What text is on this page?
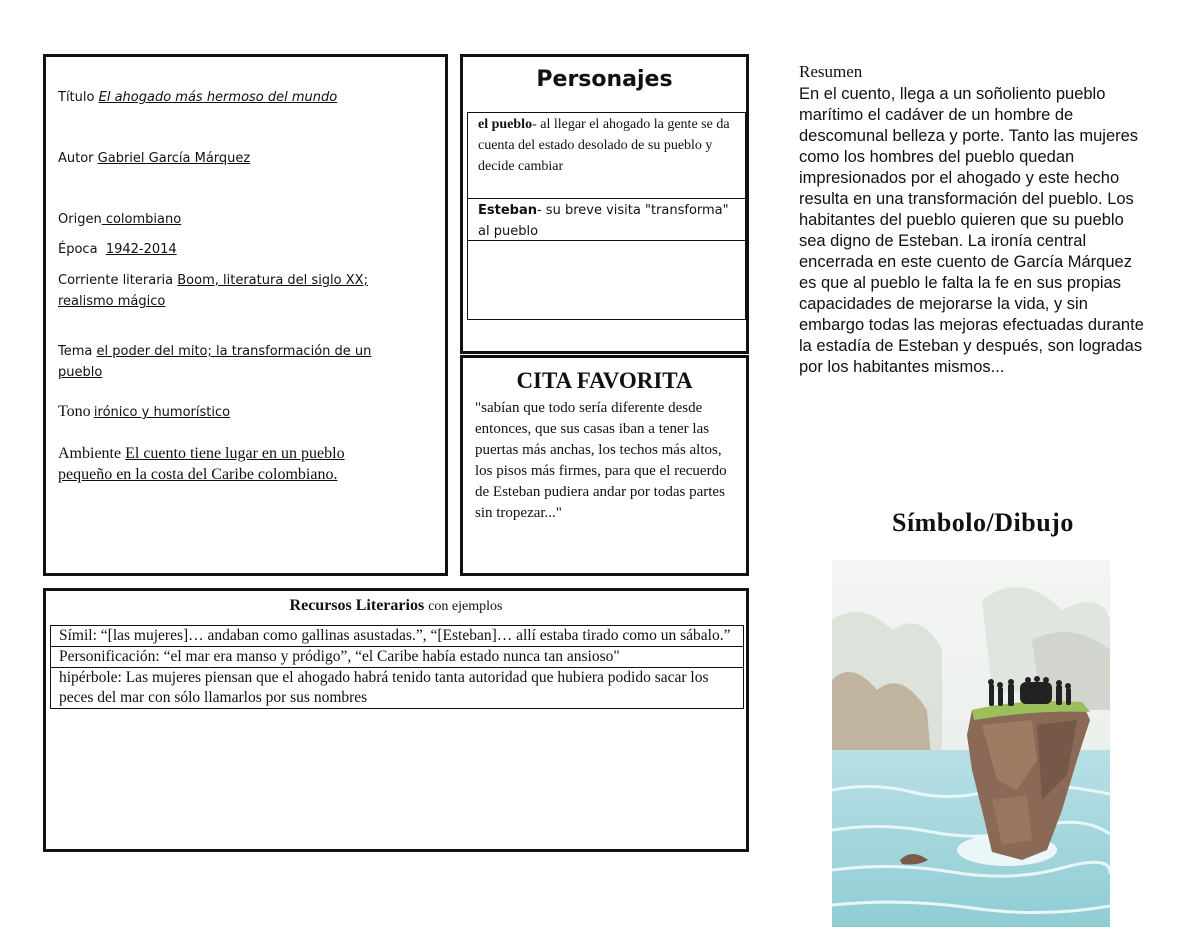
Título El ahogado más hermoso del mundo
Autor Gabriel García Márquez
Origen colombiano
Época 1942-2014
Corriente literaria Boom, literatura del siglo XX;
realismo mágico
Tema el poder del mito; la transformación de un
pueblo
Tono irónico y humorístico
Ambiente El cuento tiene lugar en un pueblo
pequeño en la costa del Caribe colombiano.
Personajes
el pueblo- al llegar el ahogado la gente se da cuenta del estado desolado de su pueblo y decide cambiar
Esteban- su breve visita "transforma" al pueblo
CITA FAVORITA

"sabían que todo sería diferente desde entonces, que sus casas iban a tener las puertas más anchas, los techos más altos, los pisos más firmes, para que el recuerdo de Esteban pudiera andar por todas partes sin tropezar..."

Recursos Literarios con ejemplos
Símil: “[las mujeres]… andaban como gallinas asustadas.”, “[Esteban]… allí estaba tirado como un sábalo.”
Personificación: “el mar era manso y pródigo”, “el Caribe había estado nunca tan ansioso"
hipérbole: Las mujeres piensan que el ahogado habrá tenido tanta autoridad que hubiera podido sacar los peces del mar con sólo llamarlos por sus nombres
Resumen

En el cuento, llega a un soñoliento pueblo marítimo el cadáver de un hombre de descomunal belleza y porte. Tanto las mujeres como los hombres del pueblo quedan impresionados por el ahogado y este hecho resulta en una transformación del pueblo. Los habitantes del pueblo quieren que su pueblo sea digno de Esteban. La ironía central encerrada en este cuento de García Márquez es que al pueblo le falta la fe en sus propias capacidades de mejorarse la vida, y sin embargo todas las mejoras efectuadas durante la estadía de Esteban y después, son logradas por los habitantes mismos...

Símbolo/Dibujo
